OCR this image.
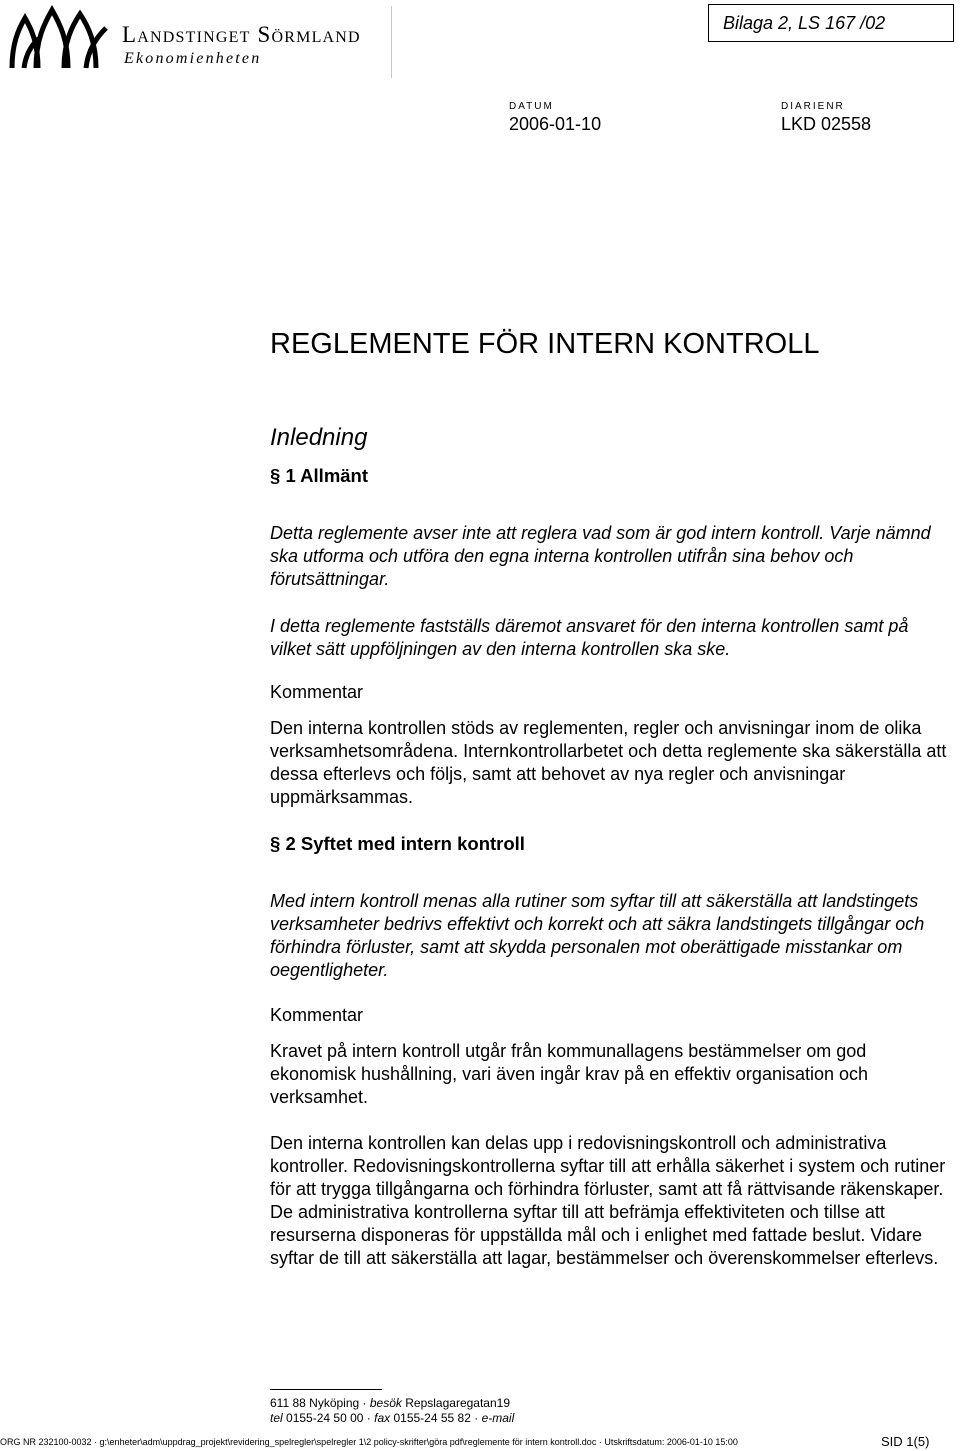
Landstinget Sörmland
Ekonomienheten
Bilaga 2, LS 167 /02
DATUM
2006-01-10
DIARIENR
LKD 02558
REGLEMENTE FÖR INTERN KONTROLL
Inledning
§ 1 Allmänt

Detta reglemente avser inte att reglera vad som är god intern kontroll. Varje nämnd ska utforma och utföra den egna interna kontrollen utifrån sina behov och förutsättningar.

I detta reglemente fastställs däremot ansvaret för den interna kontrollen samt på vilket sätt uppföljningen av den interna kontrollen ska ske.

Kommentar

Den interna kontrollen stöds av reglementen, regler och anvisningar inom de olika verksamhetsområdena. Internkontrollarbetet och detta reglemente ska säkerställa att dessa efterlevs och följs, samt att behovet av nya regler och anvisningar uppmärksammas.

§ 2 Syftet med intern kontroll

Med intern kontroll menas alla rutiner som syftar till att säkerställa att landstingets verksamheter bedrivs effektivt och korrekt och att säkra landstingets tillgångar och förhindra förluster, samt att skydda personalen mot oberättigade misstankar om oegentligheter.

Kommentar

Kravet på intern kontroll utgår från kommunallagens bestämmelser om god ekonomisk hushållning, vari även ingår krav på en effektiv organisation och verksamhet.

Den interna kontrollen kan delas upp i redovisningskontroll och administrativa kontroller. Redovisningskontrollerna syftar till att erhålla säkerhet i system och rutiner för att trygga tillgångarna och förhindra förluster, samt att få rättvisande räkenskaper. De administrativa kontrollerna syftar till att befrämja effektiviteten och tillse att resurserna disponeras för uppställda mål och i enlighet med fattade beslut. Vidare syftar de till att säkerställa att lagar, bestämmelser och överenskommelser efterlevs.

611 88 Nyköping · besök Repslagaregatan19
tel 0155-24 50 00 · fax 0155-24 55 82 · e-mail
ORG NR 232100-0032 · g:\enheter\adm\uppdrag_projekt\revidering_spelregler\spelregler 1\2 policy-skrifter\göra pdf\reglemente för intern kontroll.doc · Utskriftsdatum: 2006-01-10 15:00	SID 1(5)
